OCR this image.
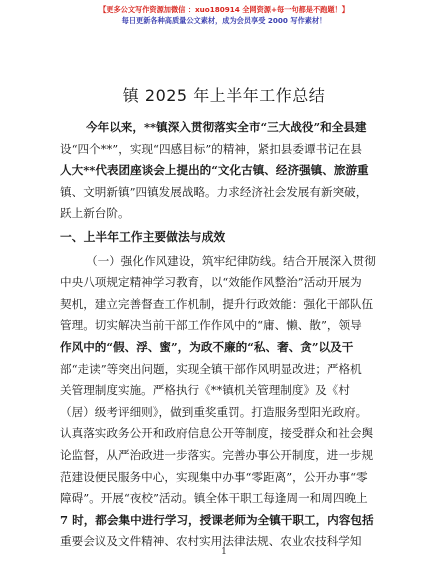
【更多公文写作资源加微信 ：xuo180914 全网资源+每一句都是不跑题！】
每日更新各种高质量公文素材，成为会员享受 2000 写作素材！
镇 2025 年上半年工作总结
今年以来，**镇深入贯彻落实全市“三大战役”和全县建
设“四个**”，实现“四感目标”的精神，紧扣县委谭书记在县
人大**代表团座谈会上提出的“文化古镇、经济强镇、旅游重
镇、文明新镇”四镇发展战略。力求经济社会发展有新突破，
跃上新台阶。
一、上半年工作主要做法与成效
（一）强化作风建设，筑牢纪律防线。结合开展深入贯彻
中央八项规定精神学习教育，以“效能作风整治”活动开展为
契机，建立完善督查工作机制，提升行政效能：强化干部队伍
管理。切实解决当前干部工作作风中的“庸、懒、散”，领导
作风中的“假、浮、蜜”，为政不廉的“私、奢、贪”以及干
部“走读”等突出问题，实现全镇干部作风明显改进；严格机
关管理制度实施。严格执行《**镇机关管理制度》及《村
（居）级考评细则》，做到重奖重罚。打造服务型阳光政府。
认真落实政务公开和政府信息公开等制度，接受群众和社会舆
论监督，从严治政进一步落实。完善办事公开制度，进一步规
范建设便民服务中心，实现集中办事“零距离”，公开办事“零
障碍”。开展“夜校”活动。镇全体干职工每逢周一和周四晚上
7 时，都会集中进行学习，授课老师为全镇干职工，内容包括
重要会议及文件精神、农村实用法律法规、农业农技科学知
1
